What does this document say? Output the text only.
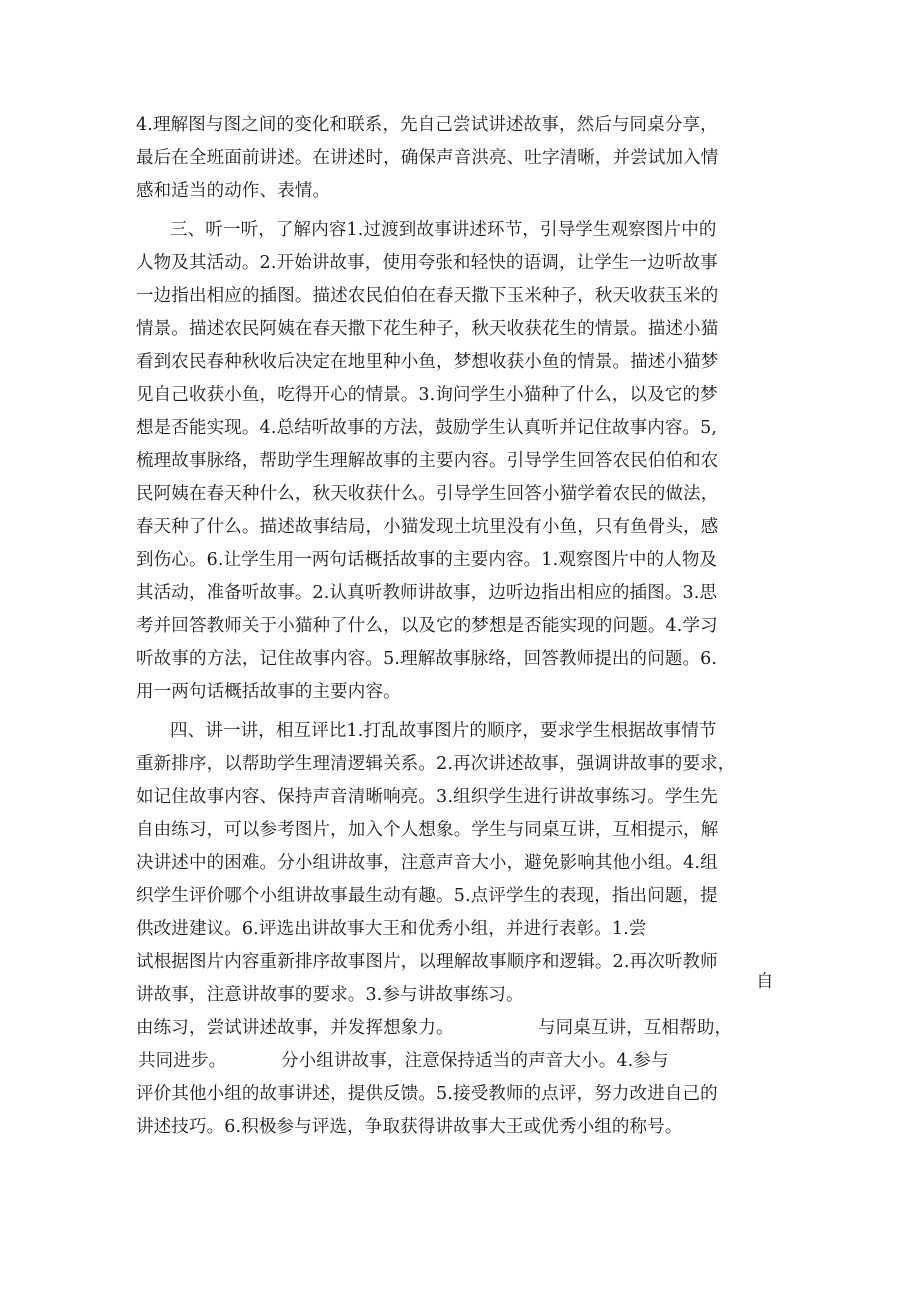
4.理解图与图之间的变化和联系，先自己尝试讲述故事，然后与同桌分享，
最后在全班面前讲述。在讲述时，确保声音洪亮、吐字清晰，并尝试加入情
感和适当的动作、表情。
三、听一听，了解内容1.过渡到故事讲述环节，引导学生观察图片中的
人物及其活动。2.开始讲故事，使用夸张和轻快的语调，让学生一边听故事
一边指出相应的插图。描述农民伯伯在春天撒下玉米种子，秋天收获玉米的
情景。描述农民阿姨在春天撒下花生种子，秋天收获花生的情景。描述小猫
看到农民春种秋收后决定在地里种小鱼，梦想收获小鱼的情景。描述小猫梦
见自己收获小鱼，吃得开心的情景。3.询问学生小猫种了什么，以及它的梦
想是否能实现。4.总结听故事的方法，鼓励学生认真听并记住故事内容。5,
梳理故事脉络，帮助学生理解故事的主要内容。引导学生回答农民伯伯和农
民阿姨在春天种什么，秋天收获什么。引导学生回答小猫学着农民的做法，
春天种了什么。描述故事结局，小猫发现土坑里没有小鱼，只有鱼骨头，感
到伤心。6.让学生用一两句话概括故事的主要内容。1.观察图片中的人物及
其活动，准备听故事。2.认真听教师讲故事，边听边指出相应的插图。3.思
考并回答教师关于小猫种了什么，以及它的梦想是否能实现的问题。4.学习
听故事的方法，记住故事内容。5.理解故事脉络，回答教师提出的问题。6.
用一两句话概括故事的主要内容。
四、讲一讲，相互评比1.打乱故事图片的顺序，要求学生根据故事情节
重新排序，以帮助学生理清逻辑关系。2.再次讲述故事，强调讲故事的要求，
如记住故事内容、保持声音清晰响亮。3.组织学生进行讲故事练习。学生先
自由练习，可以参考图片，加入个人想象。学生与同桌互讲，互相提示，解
决讲述中的困难。分小组讲故事，注意声音大小，避免影响其他小组。4.组
织学生评价哪个小组讲故事最生动有趣。5.点评学生的表现，指出问题，提
供改进建议。6.评选出讲故事大王和优秀小组，并进行表彰。1.尝
试根据图片内容重新排序故事图片，以理解故事顺序和逻辑。2.再次听教师
讲故事，注意讲故事的要求。3.参与讲故事练习。
自
由练习，尝试讲述故事，并发挥想象力。	与同桌互讲，互相帮助，
共同进步。	分小组讲故事，注意保持适当的声音大小。4.参与
评价其他小组的故事讲述，提供反馈。5.接受教师的点评，努力改进自己的
讲述技巧。6.积极参与评选，争取获得讲故事大王或优秀小组的称号。
